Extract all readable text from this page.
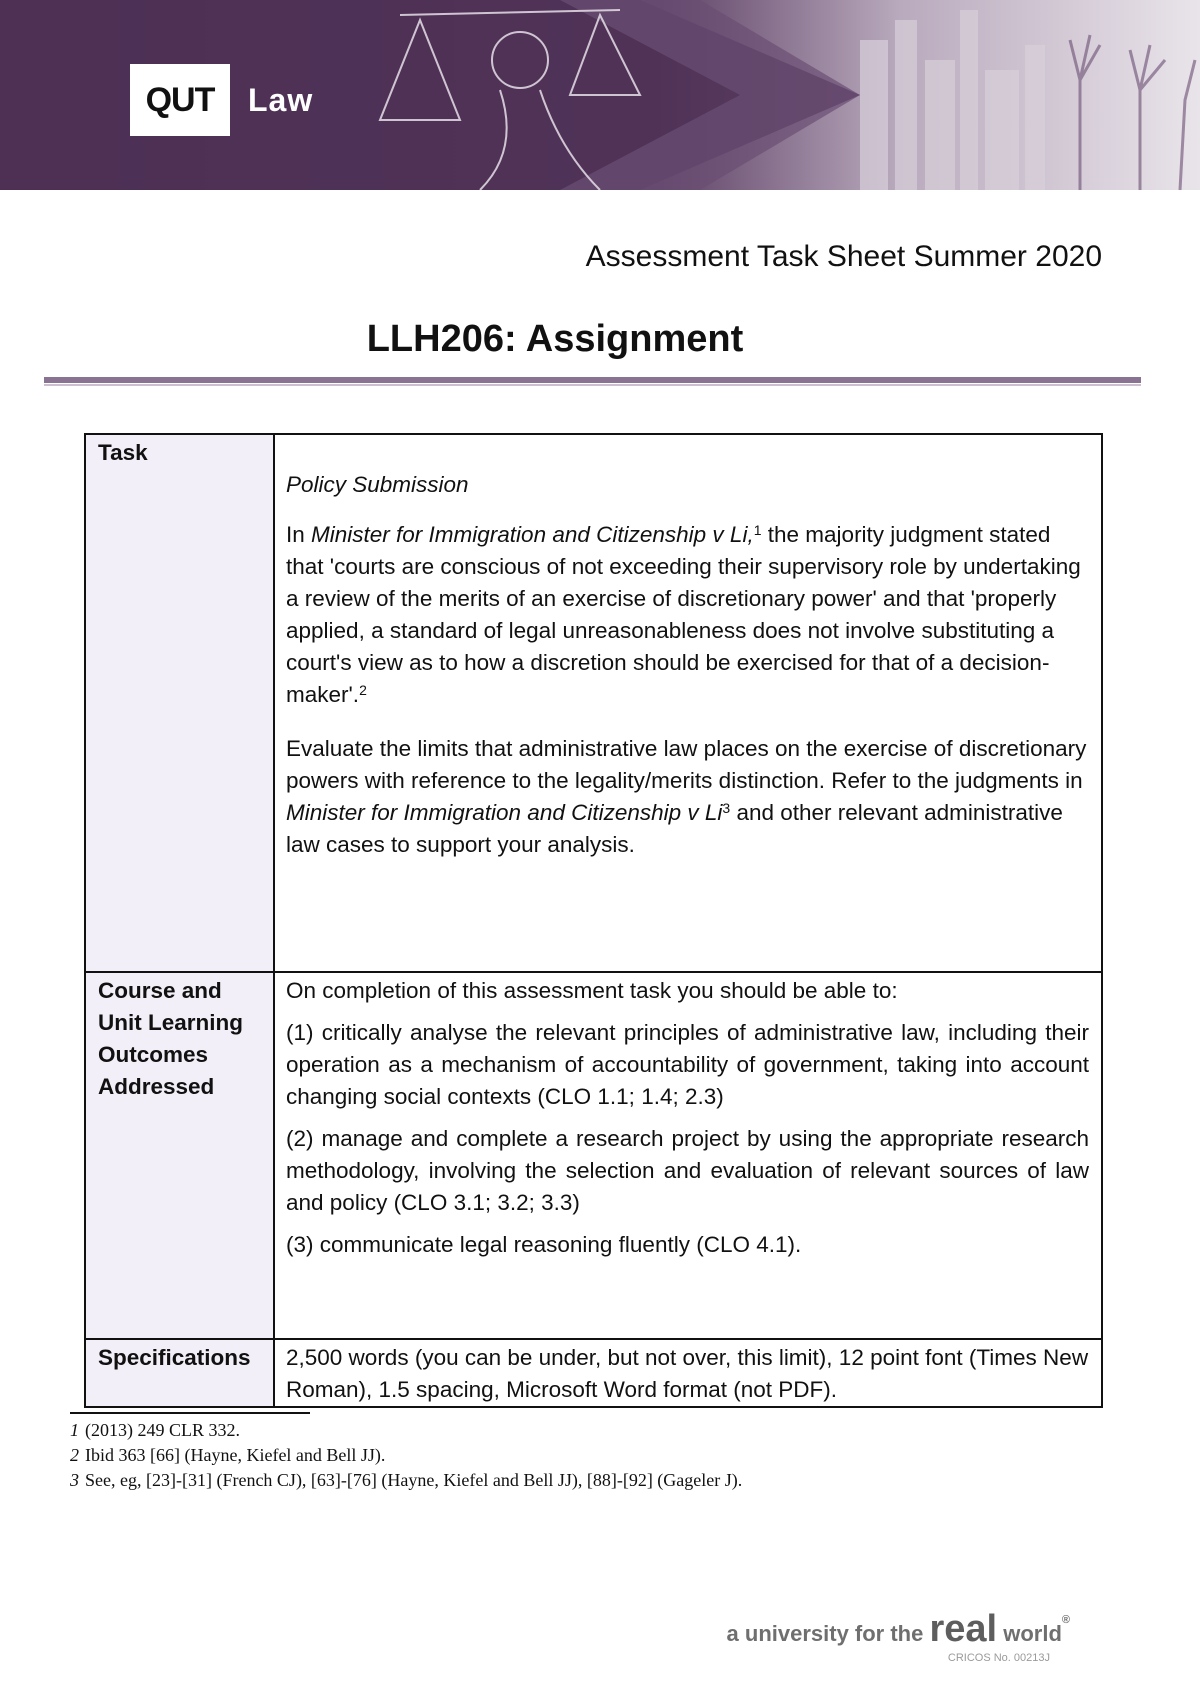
QUT	Law
Assessment Task Sheet Summer 2020
LLH206: Assignment
Task	Policy Submission

In Minister for Immigration and Citizenship v Li,$^1$ the majority judgment stated that 'courts are conscious of not exceeding their supervisory role by undertaking a review of the merits of an exercise of discretionary power' and that 'properly applied, a standard of legal unreasonableness does not involve substituting a court's view as to how a discretion should be exercised for that of a decision-maker'.$^2$

Evaluate the limits that administrative law places on the exercise of discretionary powers with reference to the legality/merits distinction. Refer to the judgments in Minister for Immigration and Citizenship v Li$^3$ and other relevant administrative law cases to support your analysis.

Course and Unit Learning Outcomes Addressed	On completion of this assessment task you should be able to:

(1) critically analyse the relevant principles of administrative law, including their operation as a mechanism of accountability of government, taking into account changing social contexts (CLO 1.1; 1.4; 2.3)

(2) manage and complete a research project by using the appropriate research methodology, involving the selection and evaluation of relevant sources of law and policy (CLO 3.1; 3.2; 3.3)

(3) communicate legal reasoning fluently (CLO 4.1).

Specifications	2,500 words (you can be under, but not over, this limit), 12 point font (Times New Roman), 1.5 spacing, Microsoft Word format (not PDF).
1 (2013) 249 CLR 332.
2 Ibid 363 [66] (Hayne, Kiefel and Bell JJ).
3 See, eg, [23]-[31] (French CJ), [63]-[76] (Hayne, Kiefel and Bell JJ), [88]-[92] (Gageler J).
a university for the real world®
CRICOS No. 00213J
